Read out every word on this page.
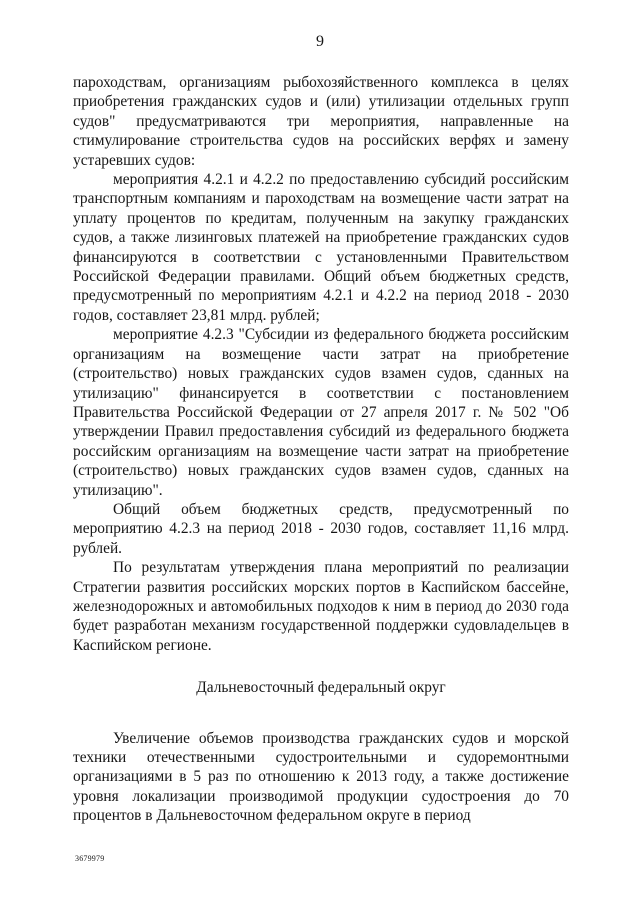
9

пароходствам, организациям рыбохозяйственного комплекса в целях приобретения гражданских судов и (или) утилизации отдельных групп судов" предусматриваются три мероприятия, направленные на стимулирование строительства судов на российских верфях и замену устаревших судов:

мероприятия 4.2.1 и 4.2.2 по предоставлению субсидий российским транспортным компаниям и пароходствам на возмещение части затрат на уплату процентов по кредитам, полученным на закупку гражданских судов, а также лизинговых платежей на приобретение гражданских судов финансируются в соответствии с установленными Правительством Российской Федерации правилами. Общий объем бюджетных средств, предусмотренный по мероприятиям 4.2.1 и 4.2.2 на период 2018 - 2030 годов, составляет 23,81 млрд. рублей;

мероприятие 4.2.3 "Субсидии из федерального бюджета российским организациям на возмещение части затрат на приобретение (строительство) новых гражданских судов взамен судов, сданных на утилизацию" финансируется в соответствии с постановлением Правительства Российской Федерации от 27 апреля 2017 г. № 502 "Об утверждении Правил предоставления субсидий из федерального бюджета российским организациям на возмещение части затрат на приобретение (строительство) новых гражданских судов взамен судов, сданных на утилизацию".

Общий объем бюджетных средств, предусмотренный по мероприятию 4.2.3 на период 2018 - 2030 годов, составляет 11,16 млрд. рублей.

По результатам утверждения плана мероприятий по реализации Стратегии развития российских морских портов в Каспийском бассейне, железнодорожных и автомобильных подходов к ним в период до 2030 года будет разработан механизм государственной поддержки судовладельцев в Каспийском регионе.

Дальневосточный федеральный округ

Увеличение объемов производства гражданских судов и морской техники отечественными судостроительными и судоремонтными организациями в 5 раз по отношению к 2013 году, а также достижение уровня локализации производимой продукции судостроения до 70 процентов в Дальневосточном федеральном округе в период

3679979
